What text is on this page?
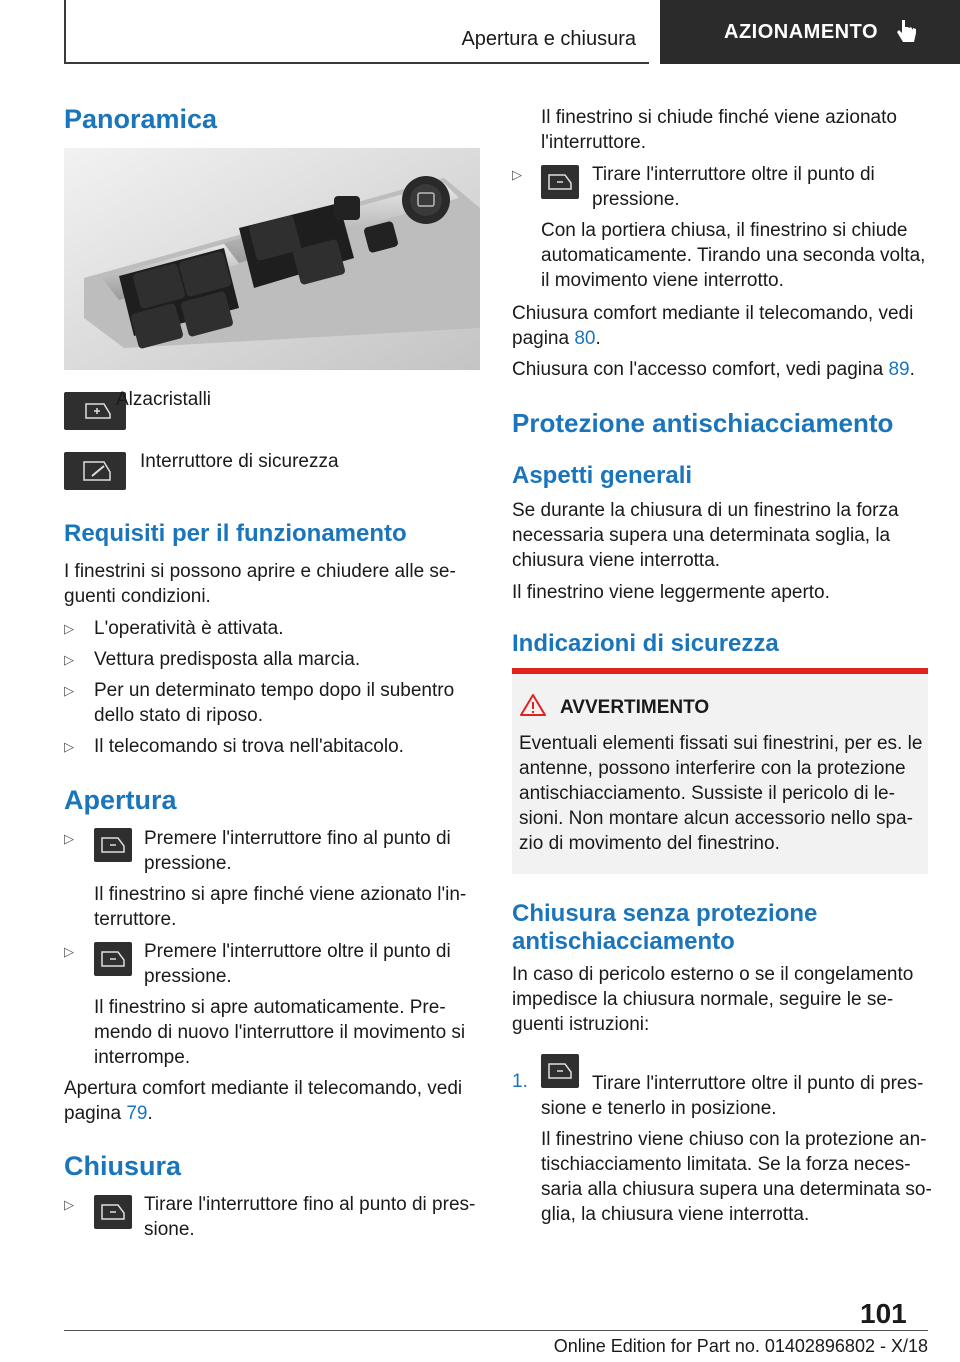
Apertura e chiusura	AZIONAMENTO
Panoramica
Alzacristalli
Interruttore di sicurezza
Requisiti per il funzionamento
I finestrini si possono aprire e chiudere alle se-
guenti condizioni.
▷ L'operatività è attivata.
▷ Vettura predisposta alla marcia.
▷ Per un determinato tempo dopo il subentro
dello stato di riposo.
▷ Il telecomando si trova nell'abitacolo.
Apertura
▷	Premere l'interruttore fino al punto di
pressione.
Il finestrino si apre finché viene azionato l'in-
terruttore.
▷	Premere l'interruttore oltre il punto di
pressione.
Il finestrino si apre automaticamente. Pre-
mendo di nuovo l'interruttore il movimento si
interrompe.
Apertura comfort mediante il telecomando, vedi
pagina 79.
Chiusura
▷	Tirare l'interruttore fino al punto di pres-
sione.
Il finestrino si chiude finché viene azionato
l'interruttore.
▷	Tirare l'interruttore oltre il punto di
pressione.
Con la portiera chiusa, il finestrino si chiude
automaticamente. Tirando una seconda volta,
il movimento viene interrotto.
Chiusura comfort mediante il telecomando, vedi
pagina 80.
Chiusura con l'accesso comfort, vedi pagina 89.
Protezione antischiacciamento
Aspetti generali
Se durante la chiusura di un finestrino la forza
necessaria supera una determinata soglia, la
chiusura viene interrotta.
Il finestrino viene leggermente aperto.
Indicazioni di sicurezza
AVVERTIMENTO
Eventuali elementi fissati sui finestrini, per es. le
antenne, possono interferire con la protezione
antischiacciamento. Sussiste il pericolo di le-
sioni. Non montare alcun accessorio nello spa-
zio di movimento del finestrino.
Chiusura senza protezione
antischiacciamento
In caso di pericolo esterno o se il congelamento
impedisce la chiusura normale, seguire le se-
guenti istruzioni:
1.	Tirare l'interruttore oltre il punto di pres-
sione e tenerlo in posizione.
Il finestrino viene chiuso con la protezione an-
tischiacciamento limitata. Se la forza neces-
saria alla chiusura supera una determinata so-
glia, la chiusura viene interrotta.
101
Online Edition for Part no. 01402896802 - X/18
